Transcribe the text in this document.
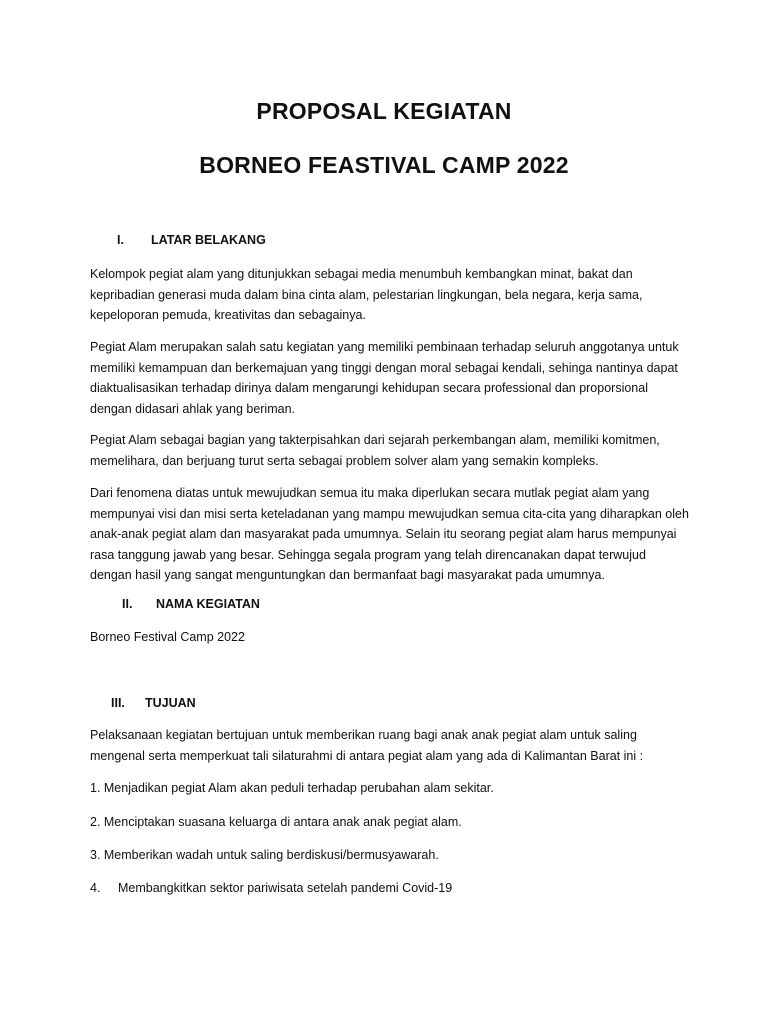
PROPOSAL KEGIATAN
BORNEO FEASTIVAL CAMP 2022
I. LATAR BELAKANG

Kelompok pegiat alam yang ditunjukkan sebagai media menumbuh kembangkan minat, bakat dan kepribadian generasi muda dalam bina cinta alam, pelestarian lingkungan, bela negara, kerja sama, kepeloporan pemuda, kreativitas dan sebagainya.

Pegiat Alam merupakan salah satu kegiatan yang memiliki pembinaan terhadap seluruh anggotanya untuk memiliki kemampuan dan berkemajuan yang tinggi dengan moral sebagai kendali, sehinga nantinya dapat diaktualisasikan terhadap dirinya dalam mengarungi kehidupan secara professional dan proporsional dengan didasari ahlak yang beriman.

Pegiat Alam sebagai bagian yang takterpisahkan dari sejarah perkembangan alam, memiliki komitmen, memelihara, dan berjuang turut serta sebagai problem solver alam yang semakin kompleks.

Dari fenomena diatas untuk mewujudkan semua itu maka diperlukan secara mutlak pegiat alam yang mempunyai visi dan misi serta keteladanan yang mampu mewujudkan semua cita-cita yang diharapkan oleh anak-anak pegiat alam dan masyarakat pada umumnya. Selain itu seorang pegiat alam harus mempunyai rasa tanggung jawab yang besar. Sehingga segala program yang telah direncanakan dapat terwujud dengan hasil yang sangat menguntungkan dan bermanfaat bagi masyarakat pada umumnya.

II. NAMA KEGIATAN

Borneo Festival Camp 2022

III. TUJUAN

Pelaksanaan kegiatan bertujuan untuk memberikan ruang bagi anak anak pegiat alam untuk saling mengenal serta memperkuat tali silaturahmi di antara pegiat alam yang ada di Kalimantan Barat ini :

1. Menjadikan pegiat Alam akan peduli terhadap perubahan alam sekitar.

2. Menciptakan suasana keluarga di antara anak anak pegiat alam.

3. Memberikan wadah untuk saling berdiskusi/bermusyawarah.

4. Membangkitkan sektor pariwisata setelah pandemi Covid-19
